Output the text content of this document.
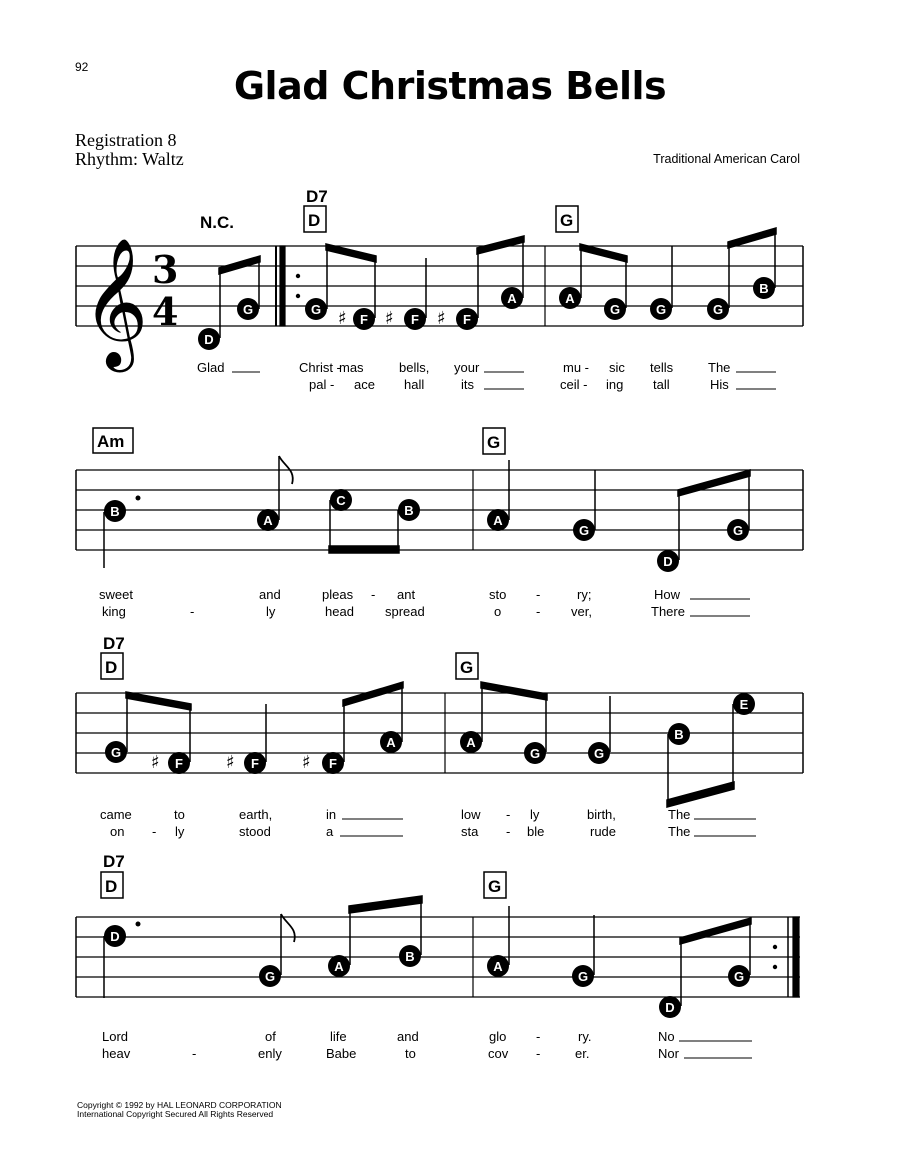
92	Glad Christmas Bells
Registration 8
Rhythm: Waltz	Traditional American Carol
𝄞 3
4
N.C.
D7
D	G
Am	G
D7
D	G
D7
D	G
♯ ♯ ♯
♯	♯	♯
D
G	G
F	F	F
A	A
G	G	G
B
B
A
C
B
A
G
D
G
G
F	F	F
A	A
G	G
B
E
D
G
A
B
A
G
D
G
Glad	Christ -
mas	bells, your	mu - sic tells	The
pal - ace hall	its	ceil - ing tall	His
sweet	and	pleas - ant	sto -	ry;	How
king	-	ly	head spread	o	- ver,	There
came	to	earth,	in	low - ly	birth,	The
on - ly	stood	a	sta - ble	rude	The
Lord	of	life	and	glo -	ry.	No
heav	-	enly	Babe	to	cov -	er.	Nor
Copyright © 1992 by HAL LEONARD CORPORATION
International Copyright Secured All Rights Reserved
